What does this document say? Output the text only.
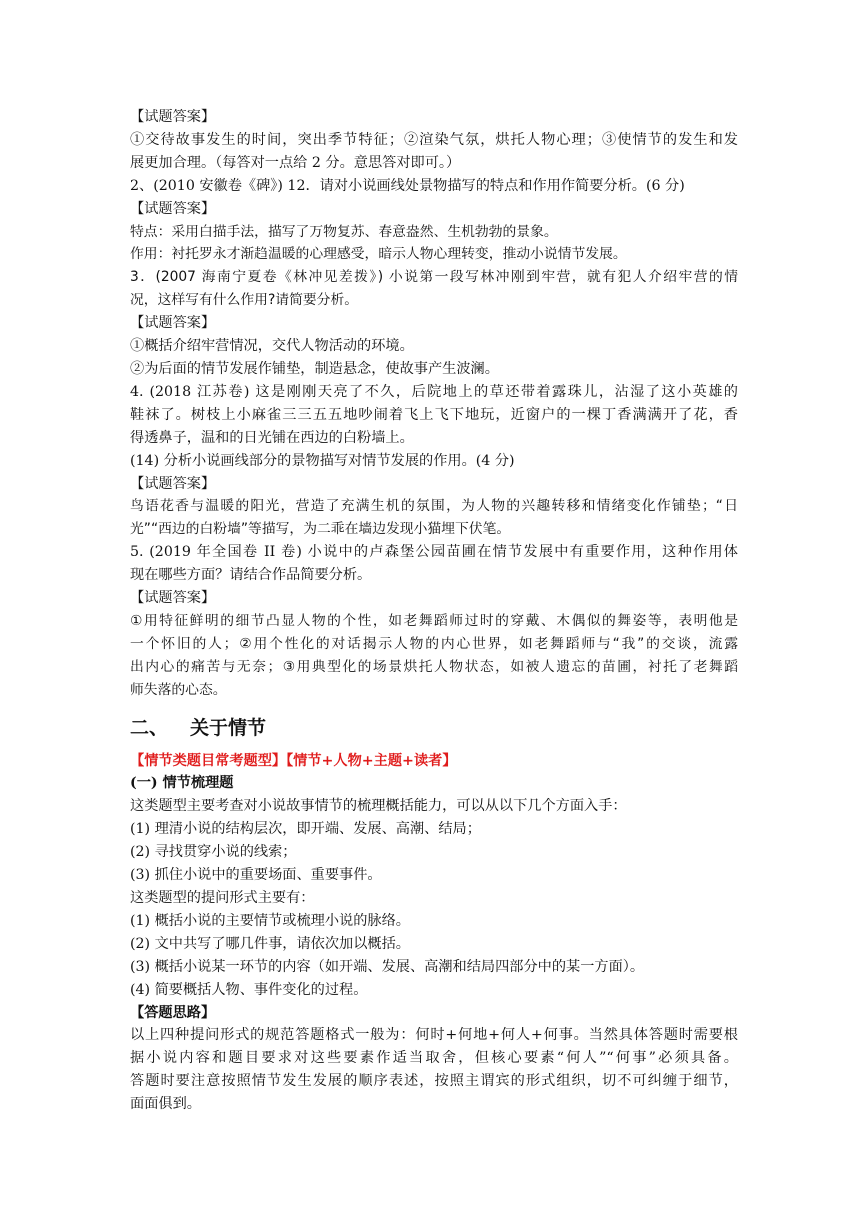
【试题答案】

①交待故事发生的时间，突出季节特征；②渲染气氛，烘托人物心理；③使情节的发生和发

展更加合理。（每答对一点给 2 分。意思答对即可。）

2、(2010 安徽卷《碑》) 12．请对小说画线处景物描写的特点和作用作简要分析。(6 分)

【试题答案】

特点：采用白描手法，描写了万物复苏、春意盎然、生机勃勃的景象。

作用：衬托罗永才渐趋温暖的心理感受，暗示人物心理转变，推动小说情节发展。

3．(2007 海南宁夏卷《林冲见差拨》) 小说第一段写林冲刚到牢营，就有犯人介绍牢营的情

况，这样写有什么作用?请简要分析。

【试题答案】

①概括介绍牢营情况，交代人物活动的环境。

②为后面的情节发展作铺垫，制造悬念，使故事产生波澜。

4. (2018 江苏卷) 这是刚刚天亮了不久，后院地上的草还带着露珠儿，沾湿了这小英雄的

鞋袜了。树枝上小麻雀三三五五地吵闹着飞上飞下地玩，近窗户的一棵丁香满满开了花，香

得透鼻子，温和的日光铺在西边的白粉墙上。

(14) 分析小说画线部分的景物描写对情节发展的作用。(4 分)

【试题答案】

鸟语花香与温暖的阳光，营造了充满生机的氛围，为人物的兴趣转移和情绪变化作铺垫；“日

光”“西边的白粉墙”等描写，为二乖在墙边发现小猫埋下伏笔。

5. (2019 年全国卷 II 卷) 小说中的卢森堡公园苗圃在情节发展中有重要作用，这种作用体

现在哪些方面？请结合作品简要分析。

【试题答案】

①用特征鲜明的细节凸显人物的个性，如老舞蹈师过时的穿戴、木偶似的舞姿等，表明他是

一个怀旧的人；②用个性化的对话揭示人物的内心世界，如老舞蹈师与“我”的交谈，流露

出内心的痛苦与无奈；③用典型化的场景烘托人物状态，如被人遗忘的苗圃，衬托了老舞蹈

师失落的心态。

二、 关于情节

【情节类题目常考题型】【情节+人物+主题+读者】

(一) 情节梳理题

这类题型主要考查对小说故事情节的梳理概括能力，可以从以下几个方面入手：

(1) 理清小说的结构层次，即开端、发展、高潮、结局；

(2) 寻找贯穿小说的线索；

(3) 抓住小说中的重要场面、重要事件。

这类题型的提问形式主要有：

(1) 概括小说的主要情节或梳理小说的脉络。

(2) 文中共写了哪几件事，请依次加以概括。

(3) 概括小说某一环节的内容（如开端、发展、高潮和结局四部分中的某一方面）。

(4) 简要概括人物、事件变化的过程。

【答题思路】

以上四种提问形式的规范答题格式一般为：何时+何地+何人+何事。当然具体答题时需要根

据小说内容和题目要求对这些要素作适当取舍，但核心要素“何人”“何事”必须具备。

答题时要注意按照情节发生发展的顺序表述，按照主谓宾的形式组织，切不可纠缠于细节，

面面俱到。
